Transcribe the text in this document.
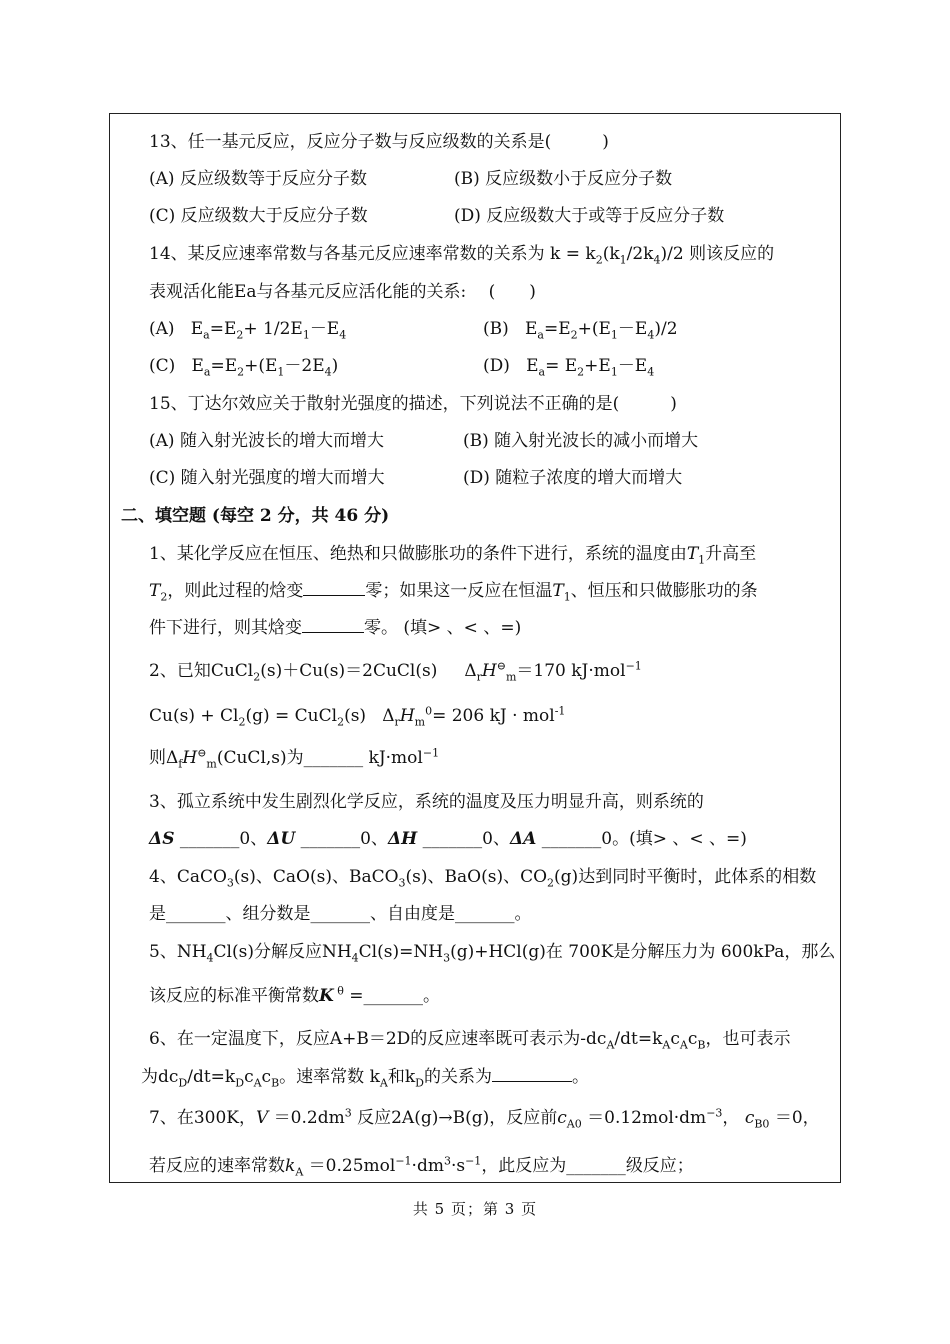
13、任一基元反应，反应分子数与反应级数的关系是(　　　)
(A) 反应级数等于反应分子数	(B) 反应级数小于反应分子数
(C) 反应级数大于反应分子数	(D) 反应级数大于或等于反应分子数
14、某反应速率常数与各基元反应速率常数的关系为 $k = k_2(k_1/2k_4)/2$ 则该反应的
表观活化能Ea与各基元反应活化能的关系:　 (　　)
(A)   $E_a=E_2+ 1/2E_1-E_4$	(B)   $E_a=E_2+(E_1-E_4)/2$
(C)   $E_a=E_2+(E_1-2E_4)$	(D)   $E_a= E_2+E_1-E_4$
15、丁达尔效应关于散射光强度的描述，下列说法不正确的是(　　　)
(A) 随入射光波长的增大而增大	(B) 随入射光波长的减小而增大
(C) 随入射光强度的增大而增大	(D) 随粒子浓度的增大而增大
二、填空题 (每空 2 分，共 46 分)
1、某化学反应在恒压、绝热和只做膨胀功的条件下进行，系统的温度由$T_1$升高至
$T_2$，则此过程的焓变	零；如果这一反应在恒温$T_1$、恒压和只做膨胀功的条
件下进行，则其焓变	零。 (填> 、< 、=)
2、已知CuCl$_2$(s)＋Cu(s)＝2CuCl(s)     $\Delta_rH^⊖_m=170$ kJ·mol$^{-1}$
$Cu(s) + Cl_2(g)$ = CuCl$_2$(s)   $\Delta_rH_m^0= 206$ kJ · mol$^{-1}$
则$\Delta_fH^⊖_m(CuCl,s)$为_______ kJ·mol$^{-1}$
3、孤立系统中发生剧烈化学反应，系统的温度及压力明显升高，则系统的
ΔS _______0、ΔU _______0、ΔH _______0、ΔA _______0。(填> 、< 、=)
4、CaCO$_3$(s)、CaO(s)、BaCO$_3$(s)、BaO(s)、$CO_2(g)$达到同时平衡时，此体系的相数
是_______、组分数是_______、自由度是_______。
5、$NH_4Cl(s)$分解反应$NH_4Cl(s)=NH_3(g)+HCl(g)$在 700K是分解压力为 600kPa，那么
该反应的标准平衡常数K $^\theta$ =_______。
6、在一定温度下，反应A+B＝2D的反应速率既可表示为$-dc_A/dt=k_Ac_Ac_B$，也可表示
为$dc_D/dt=k_Dc_Ac_B$。速率常数 $k_A$和$k_D$的关系为	。
7、在300K，$V =0.2dm^3$ 反应2A(g)→B(g)，反应前$c_{A0} =0.12mol\cdot dm^{-3}$， $c_{B0} =0$，
若反应的速率常数$k_A =0.25mol^{-1}\cdot dm^3\cdot s^{-1}$，此反应为_______级反应；
共 5 页；第 3 页
